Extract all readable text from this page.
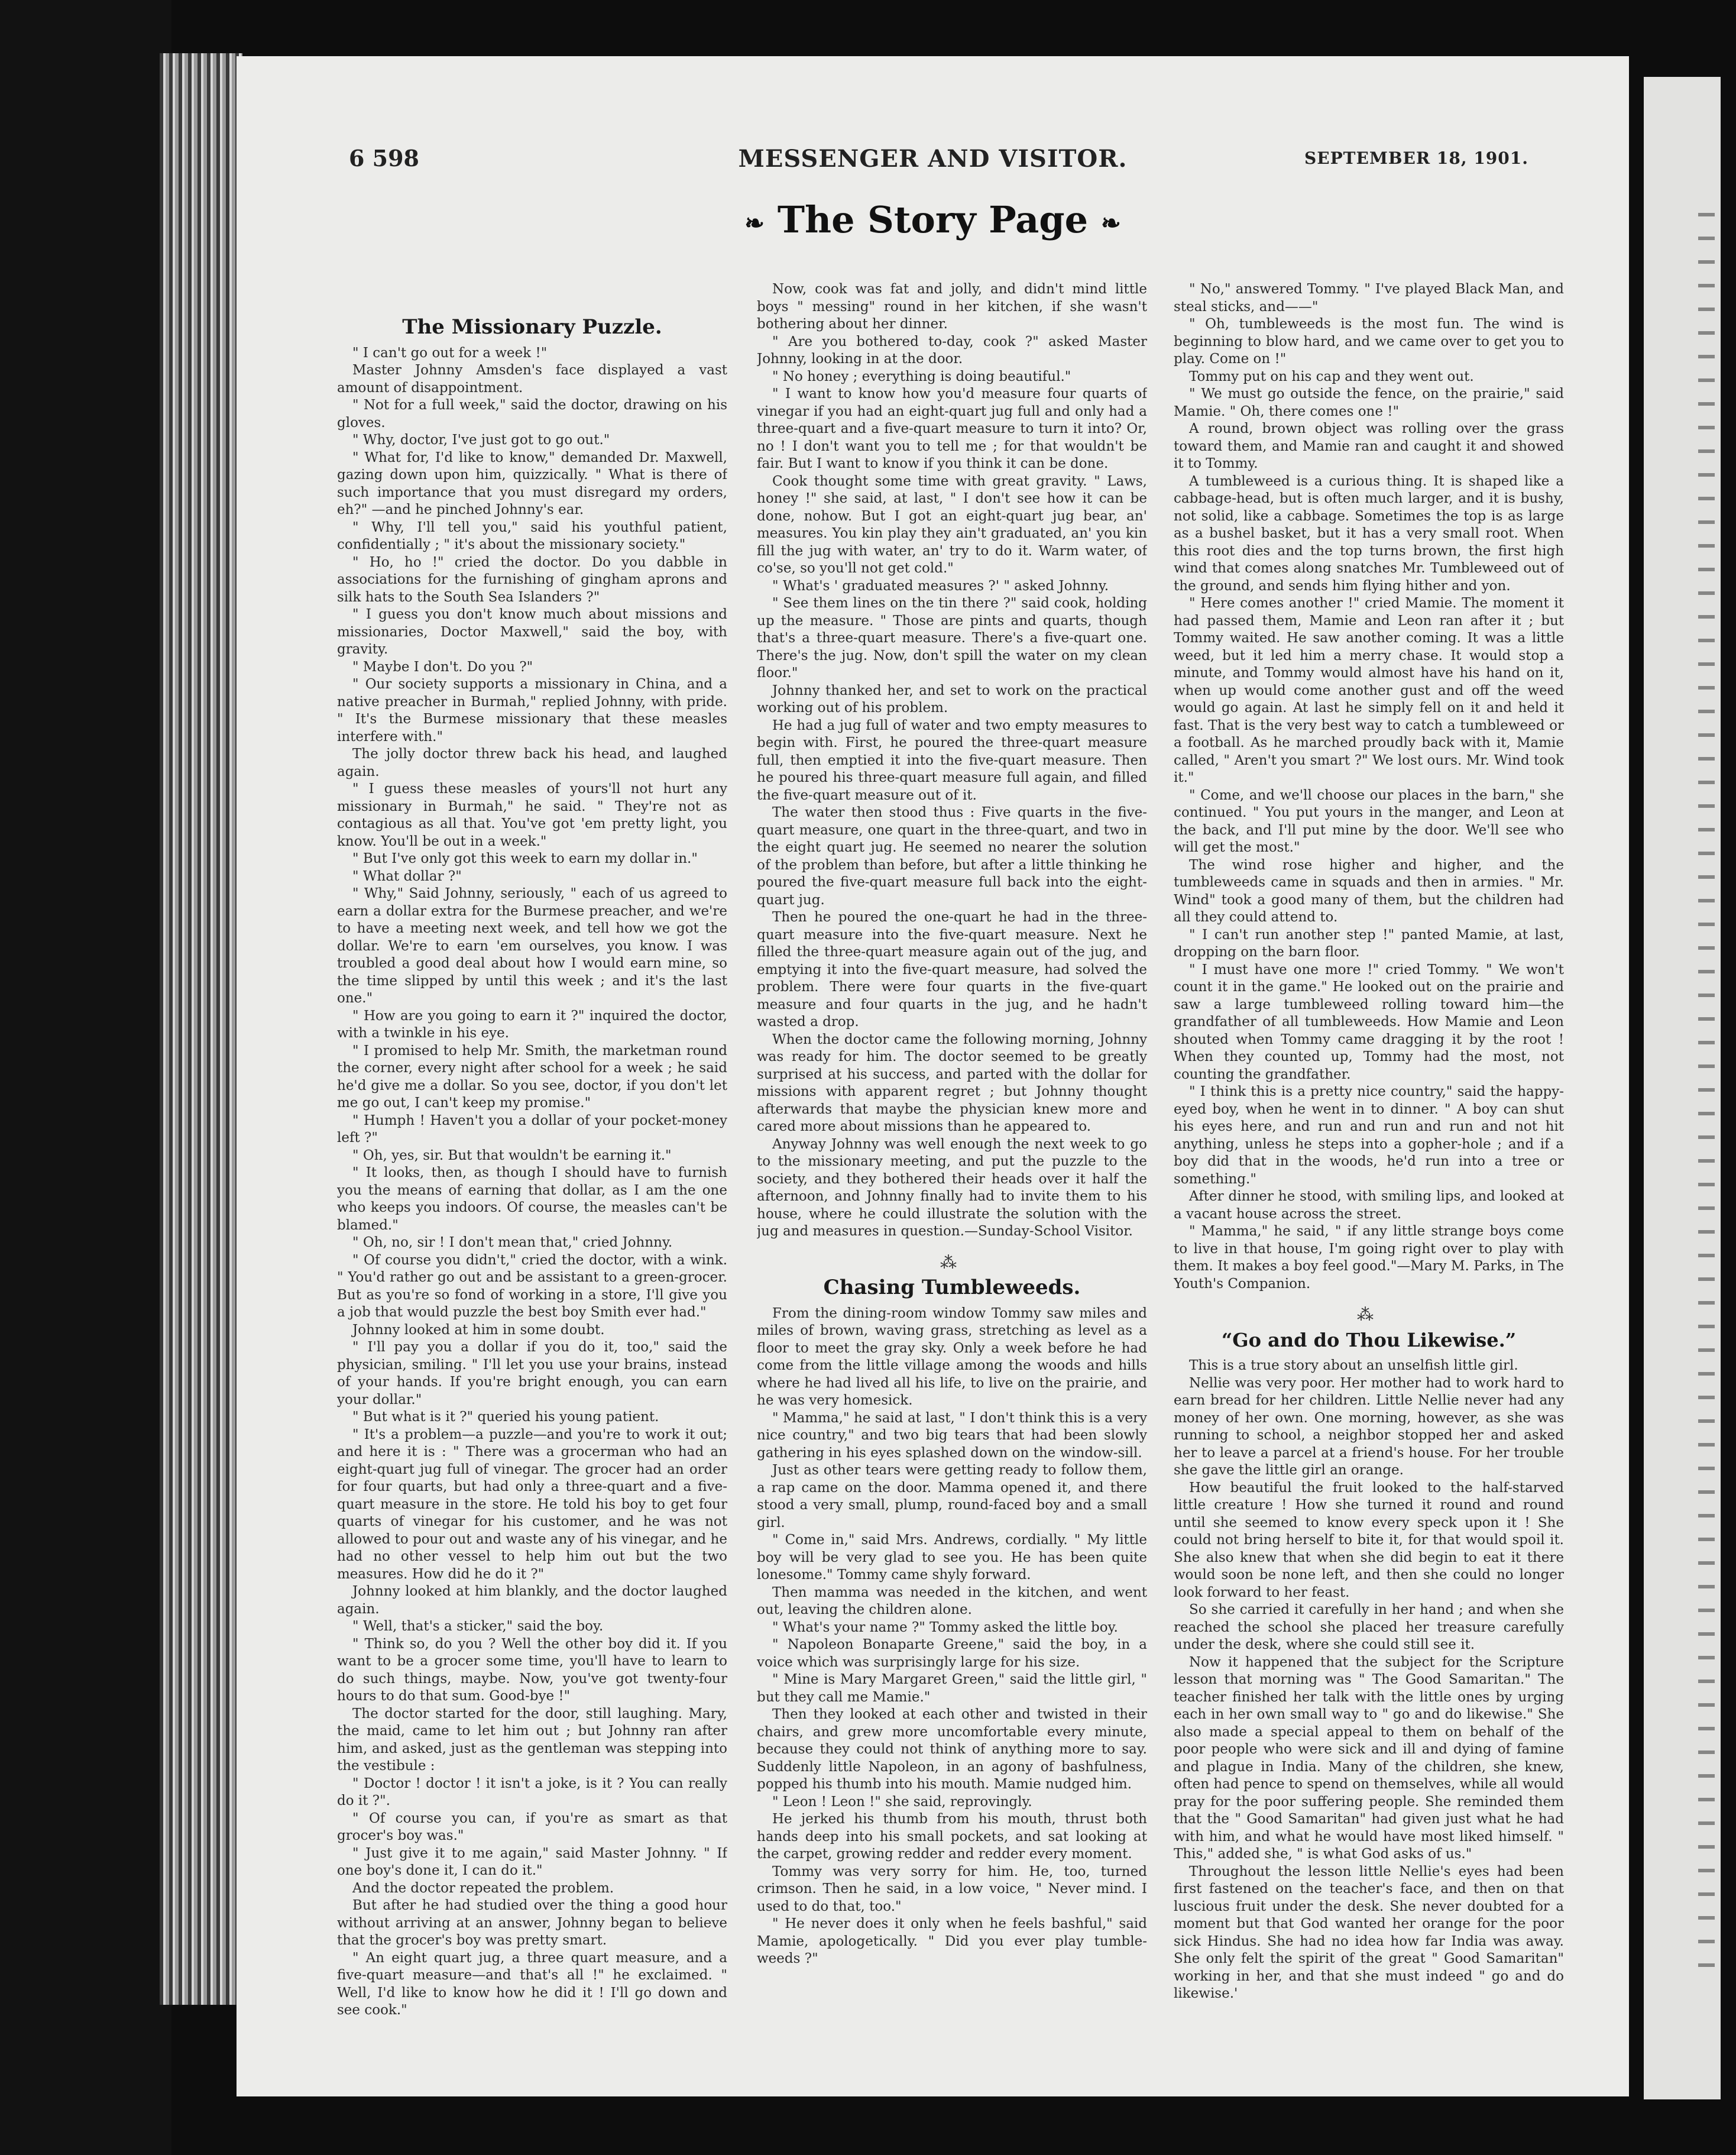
6 598	MESSENGER AND VISITOR.	SEPTEMBER 18, 1901.
❧ The Story Page ❧
The Missionary Puzzle.

" I can't go out for a week !"

Master Johnny Amsden's face displayed a vast amount of disappointment.

" Not for a full week," said the doctor, drawing on his gloves.

" Why, doctor, I've just got to go out."

" What for, I'd like to know," demanded Dr. Maxwell, gazing down upon him, quizzically. " What is there of such importance that you must disregard my orders, eh?" —and he pinched Johnny's ear.

" Why, I'll tell you," said his youthful patient, confidentially ; " it's about the missionary society."

" Ho, ho !" cried the doctor. Do you dabble in associations for the furnishing of gingham aprons and silk hats to the South Sea Islanders ?"

" I guess you don't know much about missions and missionaries, Doctor Maxwell," said the boy, with gravity.

" Maybe I don't. Do you ?"

" Our society supports a missionary in China, and a native preacher in Burmah," replied Johnny, with pride. " It's the Burmese missionary that these measles interfere with."

The jolly doctor threw back his head, and laughed again.

" I guess these measles of yours'll not hurt any missionary in Burmah," he said. " They're not as contagious as all that. You've got 'em pretty light, you know. You'll be out in a week."

" But I've only got this week to earn my dollar in."

" What dollar ?"

" Why," Said Johnny, seriously, " each of us agreed to earn a dollar extra for the Burmese preacher, and we're to have a meeting next week, and tell how we got the dollar. We're to earn 'em ourselves, you know. I was troubled a good deal about how I would earn mine, so the time slipped by until this week ; and it's the last one."

" How are you going to earn it ?" inquired the doctor, with a twinkle in his eye.

" I promised to help Mr. Smith, the marketman round the corner, every night after school for a week ; he said he'd give me a dollar. So you see, doctor, if you don't let me go out, I can't keep my promise."

" Humph ! Haven't you a dollar of your pocket-money left ?"

" Oh, yes, sir. But that wouldn't be earning it."

" It looks, then, as though I should have to furnish you the means of earning that dollar, as I am the one who keeps you indoors. Of course, the measles can't be blamed."

" Oh, no, sir ! I don't mean that," cried Johnny.

" Of course you didn't," cried the doctor, with a wink. " You'd rather go out and be assistant to a green-grocer. But as you're so fond of working in a store, I'll give you a job that would puzzle the best boy Smith ever had."

Johnny looked at him in some doubt.

" I'll pay you a dollar if you do it, too," said the physician, smiling. " I'll let you use your brains, instead of your hands. If you're bright enough, you can earn your dollar."

" But what is it ?" queried his young patient.

" It's a problem—a puzzle—and you're to work it out; and here it is : " There was a grocerman who had an eight-quart jug full of vinegar. The grocer had an order for four quarts, but had only a three-quart and a five-quart measure in the store. He told his boy to get four quarts of vinegar for his customer, and he was not allowed to pour out and waste any of his vinegar, and he had no other vessel to help him out but the two measures. How did he do it ?"

Johnny looked at him blankly, and the doctor laughed again.

" Well, that's a sticker," said the boy.

" Think so, do you ? Well the other boy did it. If you want to be a grocer some time, you'll have to learn to do such things, maybe. Now, you've got twenty-four hours to do that sum. Good-bye !"

The doctor started for the door, still laughing. Mary, the maid, came to let him out ; but Johnny ran after him, and asked, just as the gentleman was stepping into the vestibule :

" Doctor ! doctor ! it isn't a joke, is it ? You can really do it ?".

" Of course you can, if you're as smart as that grocer's boy was."

" Just give it to me again," said Master Johnny. " If one boy's done it, I can do it."

And the doctor repeated the problem.

But after he had studied over the thing a good hour without arriving at an answer, Johnny began to believe that the grocer's boy was pretty smart.

" An eight quart jug, a three quart measure, and a five-quart measure—and that's all !" he exclaimed. " Well, I'd like to know how he did it ! I'll go down and see cook."

Now, cook was fat and jolly, and didn't mind little boys " messing" round in her kitchen, if she wasn't bothering about her dinner.

" Are you bothered to-day, cook ?" asked Master Johnny, looking in at the door.

" No honey ; everything is doing beautiful."

" I want to know how you'd measure four quarts of vinegar if you had an eight-quart jug full and only had a three-quart and a five-quart measure to turn it into? Or, no ! I don't want you to tell me ; for that wouldn't be fair. But I want to know if you think it can be done.

Cook thought some time with great gravity. " Laws, honey !" she said, at last, " I don't see how it can be done, nohow. But I got an eight-quart jug bear, an' measures. You kin play they ain't graduated, an' you kin fill the jug with water, an' try to do it. Warm water, of co'se, so you'll not get cold."

" What's ' graduated measures ?' " asked Johnny.

" See them lines on the tin there ?" said cook, holding up the measure. " Those are pints and quarts, though that's a three-quart measure. There's a five-quart one. There's the jug. Now, don't spill the water on my clean floor."

Johnny thanked her, and set to work on the practical working out of his problem.

He had a jug full of water and two empty measures to begin with. First, he poured the three-quart measure full, then emptied it into the five-quart measure. Then he poured his three-quart measure full again, and filled the five-quart measure out of it.

The water then stood thus : Five quarts in the five-quart measure, one quart in the three-quart, and two in the eight quart jug. He seemed no nearer the solution of the problem than before, but after a little thinking he poured the five-quart measure full back into the eight-quart jug.

Then he poured the one-quart he had in the three-quart measure into the five-quart measure. Next he filled the three-quart measure again out of the jug, and emptying it into the five-quart measure, had solved the problem. There were four quarts in the five-quart measure and four quarts in the jug, and he hadn't wasted a drop.

When the doctor came the following morning, Johnny was ready for him. The doctor seemed to be greatly surprised at his success, and parted with the dollar for missions with apparent regret ; but Johnny thought afterwards that maybe the physician knew more and cared more about missions than he appeared to.

Anyway Johnny was well enough the next week to go to the missionary meeting, and put the puzzle to the society, and they bothered their heads over it half the afternoon, and Johnny finally had to invite them to his house, where he could illustrate the solution with the jug and measures in question.—Sunday-School Visitor.

⁂
Chasing Tumbleweeds.

From the dining-room window Tommy saw miles and miles of brown, waving grass, stretching as level as a floor to meet the gray sky. Only a week before he had come from the little village among the woods and hills where he had lived all his life, to live on the prairie, and he was very homesick.

" Mamma," he said at last, " I don't think this is a very nice country," and two big tears that had been slowly gathering in his eyes splashed down on the window-sill.

Just as other tears were getting ready to follow them, a rap came on the door. Mamma opened it, and there stood a very small, plump, round-faced boy and a small girl.

" Come in," said Mrs. Andrews, cordially. " My little boy will be very glad to see you. He has been quite lonesome." Tommy came shyly forward.

Then mamma was needed in the kitchen, and went out, leaving the children alone.

" What's your name ?" Tommy asked the little boy.

" Napoleon Bonaparte Greene," said the boy, in a voice which was surprisingly large for his size.

" Mine is Mary Margaret Green," said the little girl, " but they call me Mamie."

Then they looked at each other and twisted in their chairs, and grew more uncomfortable every minute, because they could not think of anything more to say. Suddenly little Napoleon, in an agony of bashfulness, popped his thumb into his mouth. Mamie nudged him.

" Leon ! Leon !" she said, reprovingly.

He jerked his thumb from his mouth, thrust both hands deep into his small pockets, and sat looking at the carpet, growing redder and redder every moment.

Tommy was very sorry for him. He, too, turned crimson. Then he said, in a low voice, " Never mind. I used to do that, too."

" He never does it only when he feels bashful," said Mamie, apologetically. " Did you ever play tumble-weeds ?"

" No," answered Tommy. " I've played Black Man, and steal sticks, and——"

" Oh, tumbleweeds is the most fun. The wind is beginning to blow hard, and we came over to get you to play. Come on !"

Tommy put on his cap and they went out.

" We must go outside the fence, on the prairie," said Mamie. " Oh, there comes one !"

A round, brown object was rolling over the grass toward them, and Mamie ran and caught it and showed it to Tommy.

A tumbleweed is a curious thing. It is shaped like a cabbage-head, but is often much larger, and it is bushy, not solid, like a cabbage. Sometimes the top is as large as a bushel basket, but it has a very small root. When this root dies and the top turns brown, the first high wind that comes along snatches Mr. Tumbleweed out of the ground, and sends him flying hither and yon.

" Here comes another !" cried Mamie. The moment it had passed them, Mamie and Leon ran after it ; but Tommy waited. He saw another coming. It was a little weed, but it led him a merry chase. It would stop a minute, and Tommy would almost have his hand on it, when up would come another gust and off the weed would go again. At last he simply fell on it and held it fast. That is the very best way to catch a tumbleweed or a football. As he marched proudly back with it, Mamie called, " Aren't you smart ?" We lost ours. Mr. Wind took it."

" Come, and we'll choose our places in the barn," she continued. " You put yours in the manger, and Leon at the back, and I'll put mine by the door. We'll see who will get the most."

The wind rose higher and higher, and the tumbleweeds came in squads and then in armies. " Mr. Wind" took a good many of them, but the children had all they could attend to.

" I can't run another step !" panted Mamie, at last, dropping on the barn floor.

" I must have one more !" cried Tommy. " We won't count it in the game." He looked out on the prairie and saw a large tumbleweed rolling toward him—the grandfather of all tumbleweeds. How Mamie and Leon shouted when Tommy came dragging it by the root ! When they counted up, Tommy had the most, not counting the grandfather.

" I think this is a pretty nice country," said the happy-eyed boy, when he went in to dinner. " A boy can shut his eyes here, and run and run and run and not hit anything, unless he steps into a gopher-hole ; and if a boy did that in the woods, he'd run into a tree or something."

After dinner he stood, with smiling lips, and looked at a vacant house across the street.

" Mamma," he said, " if any little strange boys come to live in that house, I'm going right over to play with them. It makes a boy feel good."—Mary M. Parks, in The Youth's Companion.

⁂
“Go and do Thou Likewise.”

This is a true story about an unselfish little girl.

Nellie was very poor. Her mother had to work hard to earn bread for her children. Little Nellie never had any money of her own. One morning, however, as she was running to school, a neighbor stopped her and asked her to leave a parcel at a friend's house. For her trouble she gave the little girl an orange.

How beautiful the fruit looked to the half-starved little creature ! How she turned it round and round until she seemed to know every speck upon it ! She could not bring herself to bite it, for that would spoil it. She also knew that when she did begin to eat it there would soon be none left, and then she could no longer look forward to her feast.

So she carried it carefully in her hand ; and when she reached the school she placed her treasure carefully under the desk, where she could still see it.

Now it happened that the subject for the Scripture lesson that morning was " The Good Samaritan." The teacher finished her talk with the little ones by urging each in her own small way to " go and do likewise." She also made a special appeal to them on behalf of the poor people who were sick and ill and dying of famine and plague in India. Many of the children, she knew, often had pence to spend on themselves, while all would pray for the poor suffering people. She reminded them that the " Good Samaritan" had given just what he had with him, and what he would have most liked himself. " This," added she, " is what God asks of us."

Throughout the lesson little Nellie's eyes had been first fastened on the teacher's face, and then on that luscious fruit under the desk. She never doubted for a moment but that God wanted her orange for the poor sick Hindus. She had no idea how far India was away. She only felt the spirit of the great " Good Samaritan" working in her, and that she must indeed " go and do likewise.'
